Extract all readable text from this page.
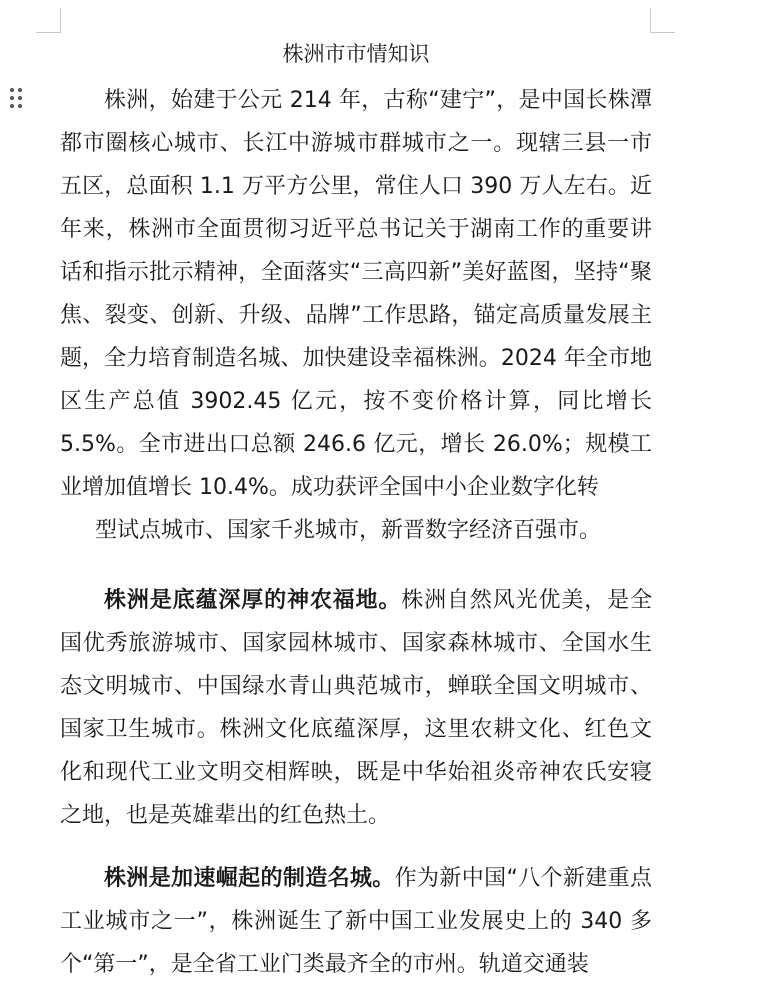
株洲市市情知识

株洲，始建于公元 214 年，古称“建宁”，是中国长株潭都市圈核心城市、长江中游城市群城市之一。现辖三县一市五区，总面积 1.1 万平方公里，常住人口 390 万人左右。近年来，株洲市全面贯彻习近平总书记关于湖南工作的重要讲话和指示批示精神，全面落实“三高四新”美好蓝图，坚持“聚焦、裂变、创新、升级、品牌”工作思路，锚定高质量发展主题，全力培育制造名城、加快建设幸福株洲。2024 年全市地区生产总值 3902.45 亿元，按不变价格计算，同比增长 5.5%。全市进出口总额 246.6 亿元，增长 26.0%；规模工业增加值增长 10.4%。成功获评全国中小企业数字化转
型试点城市、国家千兆城市，新晋数字经济百强市。

株洲是底蕴深厚的神农福地。株洲自然风光优美，是全国优秀旅游城市、国家园林城市、国家森林城市、全国水生态文明城市、中国绿水青山典范城市，蝉联全国文明城市、国家卫生城市。株洲文化底蕴深厚，这里农耕文化、红色文化和现代工业文明交相辉映，既是中华始祖炎帝神农氏安寝之地，也是英雄辈出的红色热土。

株洲是加速崛起的制造名城。作为新中国“八个新建重点工业城市之一”，株洲诞生了新中国工业发展史上的 340 多个“第一”，是全省工业门类最齐全的市州。轨道交通装
